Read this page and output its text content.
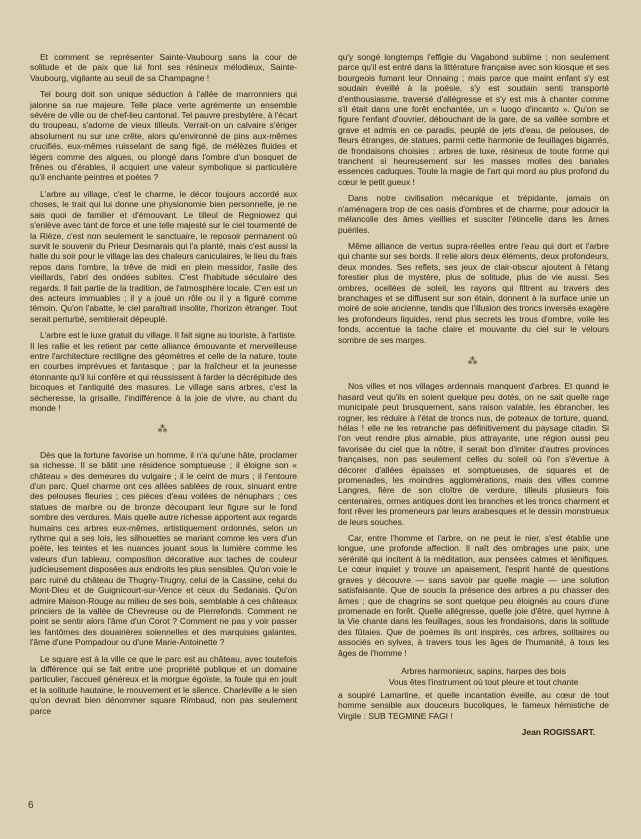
Et comment se représenter Sainte-Vaubourg sans la cour de solitude et de paix que lui font ses résineux mélodieux, Sainte-Vaubourg, vigilante au seuil de sa Champagne !

Tel bourg doit son unique séduction à l'allée de marronniers qui jalonne sa rue majeure. Telle place verte agrémente un ensemble sévère de ville ou de chef-lieu cantonal. Tel pauvre presbytère, à l'écart du troupeau, s'adorne de vieux tilleuls. Verrait-on un calvaire s'ériger absolument nu sur une crête, alors qu'environné de pins aux-mêmes crucifiés, eux-mêmes ruisselant de sang figé, de mélèzes fluides et légers comme des algues, ou plongé dans l'ombre d'un bosquet de frênes ou d'érables, il acquiert une valeur symbolique si particulière qu'il enchante peintres et poètes ?

L'arbre au village, c'est le charme, le décor toujours accordé aux choses, le trait qui lui donne une physionomie bien personnelle, je ne sais quoi de familier et d'émouvant. Le tilleul de Regniowez qui s'enlève avec tant de force et une telle majesté sur le ciel tourmenté de la Rièze, c'est non seulement le sanctuaire, le reposoir permanent où survit le souvenir du Prieur Desmarais qui l'a planté, mais c'est aussi la halte du soir pour le village las des chaleurs caniculaires, le lieu du frais repos dans l'ombre, la trêve de midi en plein messidor, l'asile des vieillards, l'abri des ondées subites. C'est l'habitude séculaire des regards. Il fait partie de la tradition, de l'atmosphère locale. C'en est un des acteurs immuables ; il y a joué un rôle ou il y a figuré comme témoin. Qu'on l'abatte, le ciel paraîtrait insolite, l'horizon étranger. Tout serait perturbé, semblerait dépeuplé.

L'arbre est le luxe gratuit du village. Il fait signe au touriste, à l'artiste. Il les rallie et les retient par cette alliance émouvante et merveilleuse entre l'architecture rectiligne des géomètres et celle de la nature, toute en courbes imprévues et fantasque ; par la fraîcheur et la jeunesse étonnante qu'il lui confère et qui réussissent à farder la décrépitude des bicoques et l'antiquité des masures. Le village sans arbres, c'est la sécheresse, la grisaille, l'indifférence à la joie de vivre, au chant du monde !

⁂

Dès que la fortune favorise un homme, il n'a qu'une hâte, proclamer sa richesse. Il se bâtit une résidence somptueuse ; il éloigne son « château » des demeures du vulgaire ; il le ceint de murs ; il l'entoure d'un parc. Quel charme ont ces allées sablées de roux, sinuant entre des pelouses fleuries ; ces pièces d'eau voilées de nénuphars ; ces statues de marbre ou de bronze découpant leur figure sur le fond sombre des verdures. Mais quelle autre richesse apportent aux regards humains ces arbres eux-mêmes, artistiquement ordonnés, selon un rythme qui a ses lois, les silhouettes se mariant comme les vers d'un poète, les teintes et les nuances jouant sous la lumière comme les valeurs d'un tableau, composition décorative aux taches de couleur judicieusement disposées aux endroits les plus sensibles. Qu'on voie le parc ruiné du château de Thugny-Trugny, celui de la Cassine, celui du Mont-Dieu et de Guignicourt-sur-Vence et ceux du Sedanais. Qu'on admire Maison-Rouge au milieu de ses bois, semblable à ces châteaux princiers de la vallée de Chevreuse ou de Pierrefonds. Comment ne point se sentir alors l'âme d'un Corot ? Comment ne pas y voir passer les fantômes des douairières solennelles et des marquises galantes, l'âme d'une Pompadour ou d'une Marie-Antoinette ?

Le square est à la ville ce que le parc est au château, avec toutefois la différence qui se fait entre une propriété publique et un domaine particulier, l'accueil généreux et la morgue égoïste, la foule qui en jouit et la solitude hautaine, le mouvement et le silence. Charleville a le sien qu'on devrait bien dénommer square Rimbaud, non pas seulement parce

qu'y songé longtemps l'effigie du Vagabond sublime ; non seulement parce qu'il est entré dans la littérature française avec son kiosque et ses bourgeois fumant leur Onnaing ; mais parce que maint enfant s'y est soudain éveillé à la poésie, s'y est soudain senti transporté d'enthousiasme, traversé d'allégresse et s'y est mis à chanter comme s'il était dans une forêt enchantée, un « luogo d'incanto ». Qu'on se figure l'enfant d'ouvrier, débouchant de la gare, de sa vallée sombre et grave et admis en ce paradis, peuplé de jets d'eau, de pelouses, de fleurs étranges, de statues, parmi cette harmonie de feuillages bigarrés, de frondaisons choisies : arbres de luxe, résineux de toute forme qui tranchent si heureusement sur les masses molles des banales essences caduques. Toute la magie de l'art qui mord au plus profond du cœur le petit gueux !

Dans notre civilisation mécanique et trépidante, jamais on n'aménagera trop de ces oasis d'ombres et de charme, pour adoucir la mélancolie des âmes vieillies et susciter l'étincelle dans les âmes puériles.

Même alliance de vertus supra-réelles entre l'eau qui dort et l'arbre qui chante sur ses bords. Il relie alors deux éléments, deux profondeurs, deux mondes. Ses reflets, ses jeux de clair-obscur ajoutent à l'étang forestier plus de mystère, plus de solitude, plus de vie aussi. Ses ombres, ocellées de soleil, les rayons qui filtrent au travers des branchages et se diffusent sur son étain, donnent à la surface unie un moiré de soie ancienne, tandis que l'illusion des troncs inversés exagère les profondeurs liquides, rend plus secrets les trous d'ombre, voile les fonds, accentue la tache claire et mouvante du ciel sur le velours sombre de ses marges.

⁂

Nos villes et nos villages ardennais manquent d'arbres. Et quand le hasard veut qu'ils en soient quelque peu dotés, on ne sait quelle rage municipale peut brusquement, sans raison valable, les ébrancher, les rogner, les réduire à l'état de troncs nus, de poteaux de torture, quand, hélas ! elle ne les retranche pas définitivement du paysage citadin. Si l'on veut rendre plus aimable, plus attrayante, une région aussi peu favorisée du ciel que la nôtre, il serait bon d'imiter d'autres provinces françaises, non pas seulement celles du soleil où l'on s'évertue à décorer d'allées épaisses et somptueuses, de squares et de promenades, les moindres agglomérations, mais des villes comme Langres, fière de son cloître de verdure, tilleuls plusieurs fois centenaires, ormes antiques dont les branches et les troncs charment et font rêver les promeneurs par leurs arabesques et le dessin monstrueux de leurs souches.

Car, entre l'homme et l'arbre, on ne peut le nier, s'est établie une longue, une profonde affection. Il naît des ombrages une paix, une sérénité qui incitent à la méditation, aux pensées calmes et lénifiques. Le cœur inquiet y trouve un apaisement, l'esprit hanté de questions graves y découvre — sans savoir par quelle magie — une solution satisfaisante. Que de soucis la présence des arbres a pu chasser des âmes ; que de chagrins se sont quelque peu éloignés au cours d'une promenade en forêt. Quelle allégresse, quelle joie d'être, quel hymne à la Vie chante dans les feuillages, sous les frondaisons, dans la solitude des fûtaies. Que de poèmes ils ont inspirés, ces arbres, solitaires ou associés en sylves, à travers tous les âges de l'humanité, à tous les âges de l'homme !

Arbres harmonieux, sapins, harpes des bois
Vous êtes l'instrument où tout pleure et tout chante

a soupiré Lamartine, et quelle incantation éveille, au cœur de tout homme sensible aux douceurs bucoliques, le fameux hémistiche de Virgile : SUB TEGMINE FAGI !

Jean ROGISSART.
6
